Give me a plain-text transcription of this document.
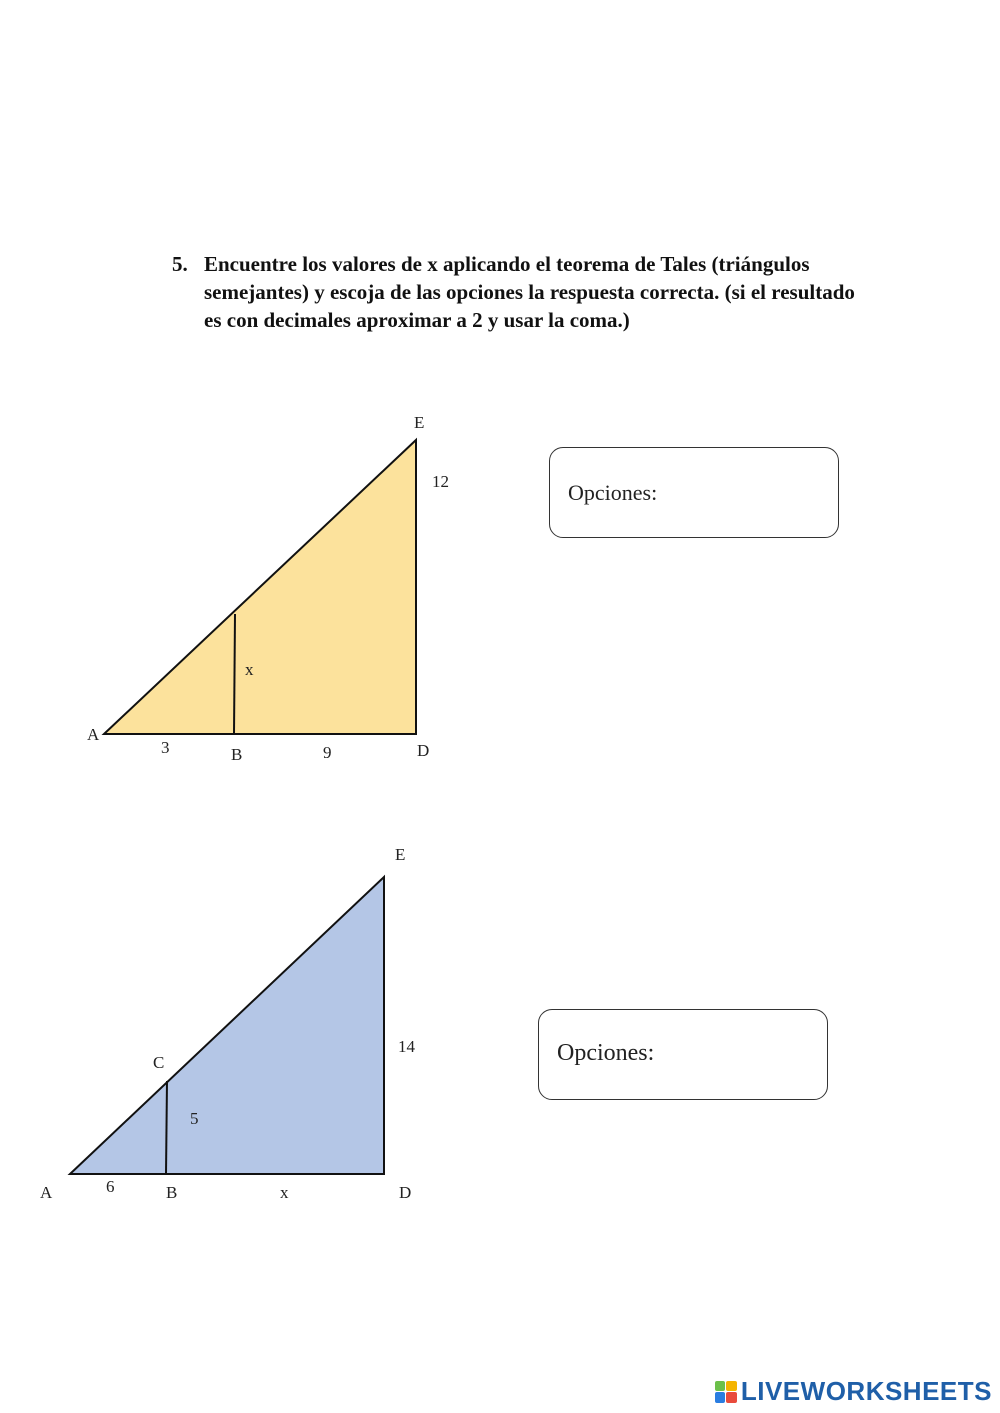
5. Encuentre los valores de x aplicando el teorema de Tales (triángulos semejantes) y escoja de las opciones la respuesta correcta. (si el resultado es con decimales aproximar a 2 y usar la coma.)
E
12
x
A
3	B	9	D
E
14
C
5
A	6	B	x	D
Opciones:
Opciones:
LIVEWORKSHEETS
